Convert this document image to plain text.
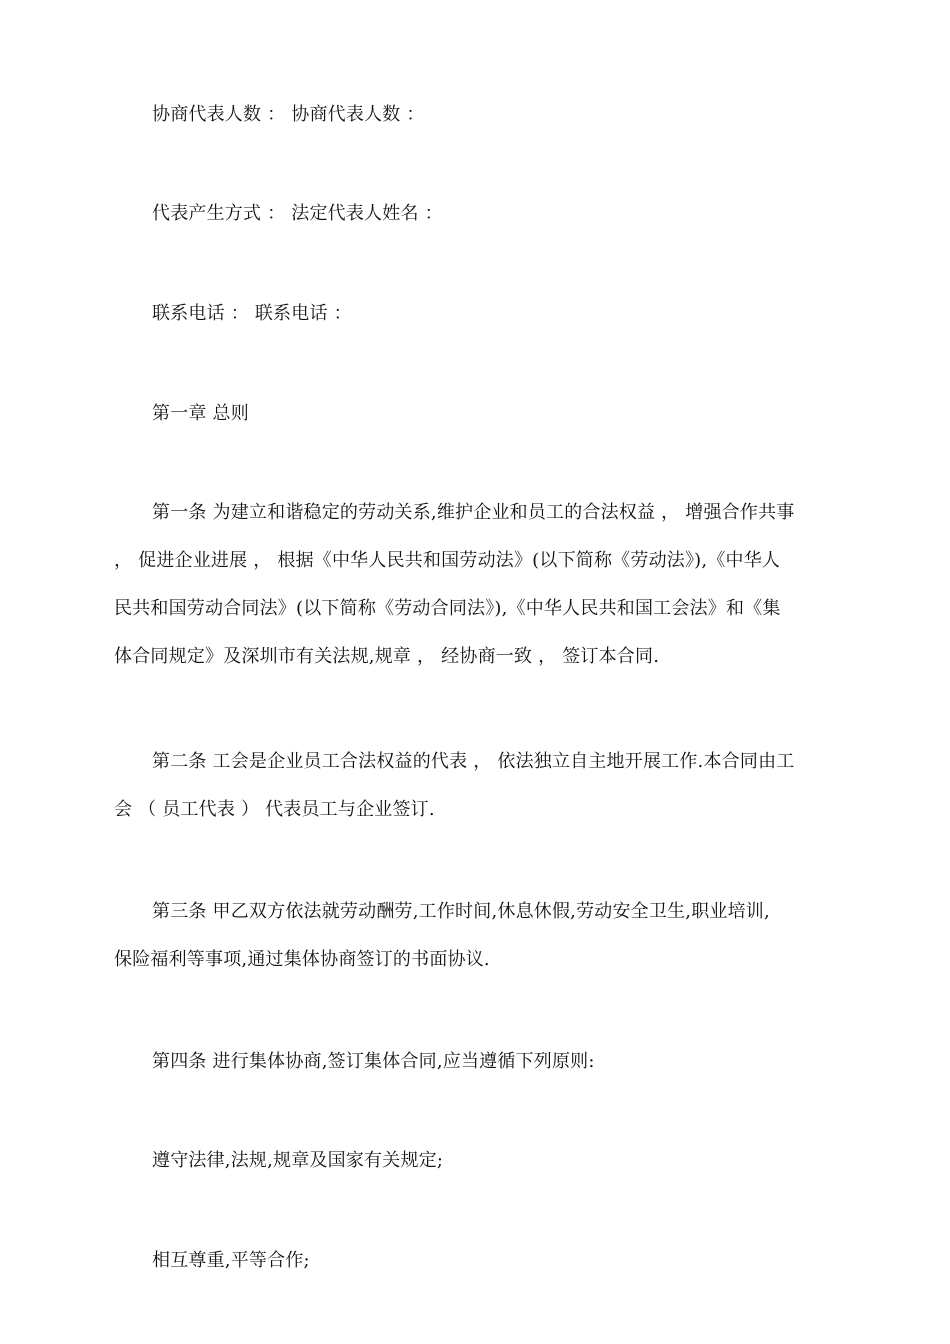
协商代表人数 ： 协商代表人数 ：
代表产生方式 ： 法定代表人姓名 ：
联系电话 ： 联系电话 ：
第一章 总则
第一条 为建立和谐稳定的劳动关系,维护企业和员工的合法权益 ， 增强合作共事
， 促进企业进展 ， 根据《中华人民共和国劳动法》(以下简称《劳动法》),《中华人
民共和国劳动合同法》(以下简称《劳动合同法》),《中华人民共和国工会法》和《集
体合同规定》及深圳市有关法规,规章 ， 经协商一致 ， 签订本合同.
第二条 工会是企业员工合法权益的代表 ， 依法独立自主地开展工作.本合同由工
会 （ 员工代表 ） 代表员工与企业签订.
第三条 甲乙双方依法就劳动酬劳,工作时间,休息休假,劳动安全卫生,职业培训,
保险福利等事项,通过集体协商签订的书面协议.
第四条 进行集体协商,签订集体合同,应当遵循下列原则:
遵守法律,法规,规章及国家有关规定;
相互尊重,平等合作;
